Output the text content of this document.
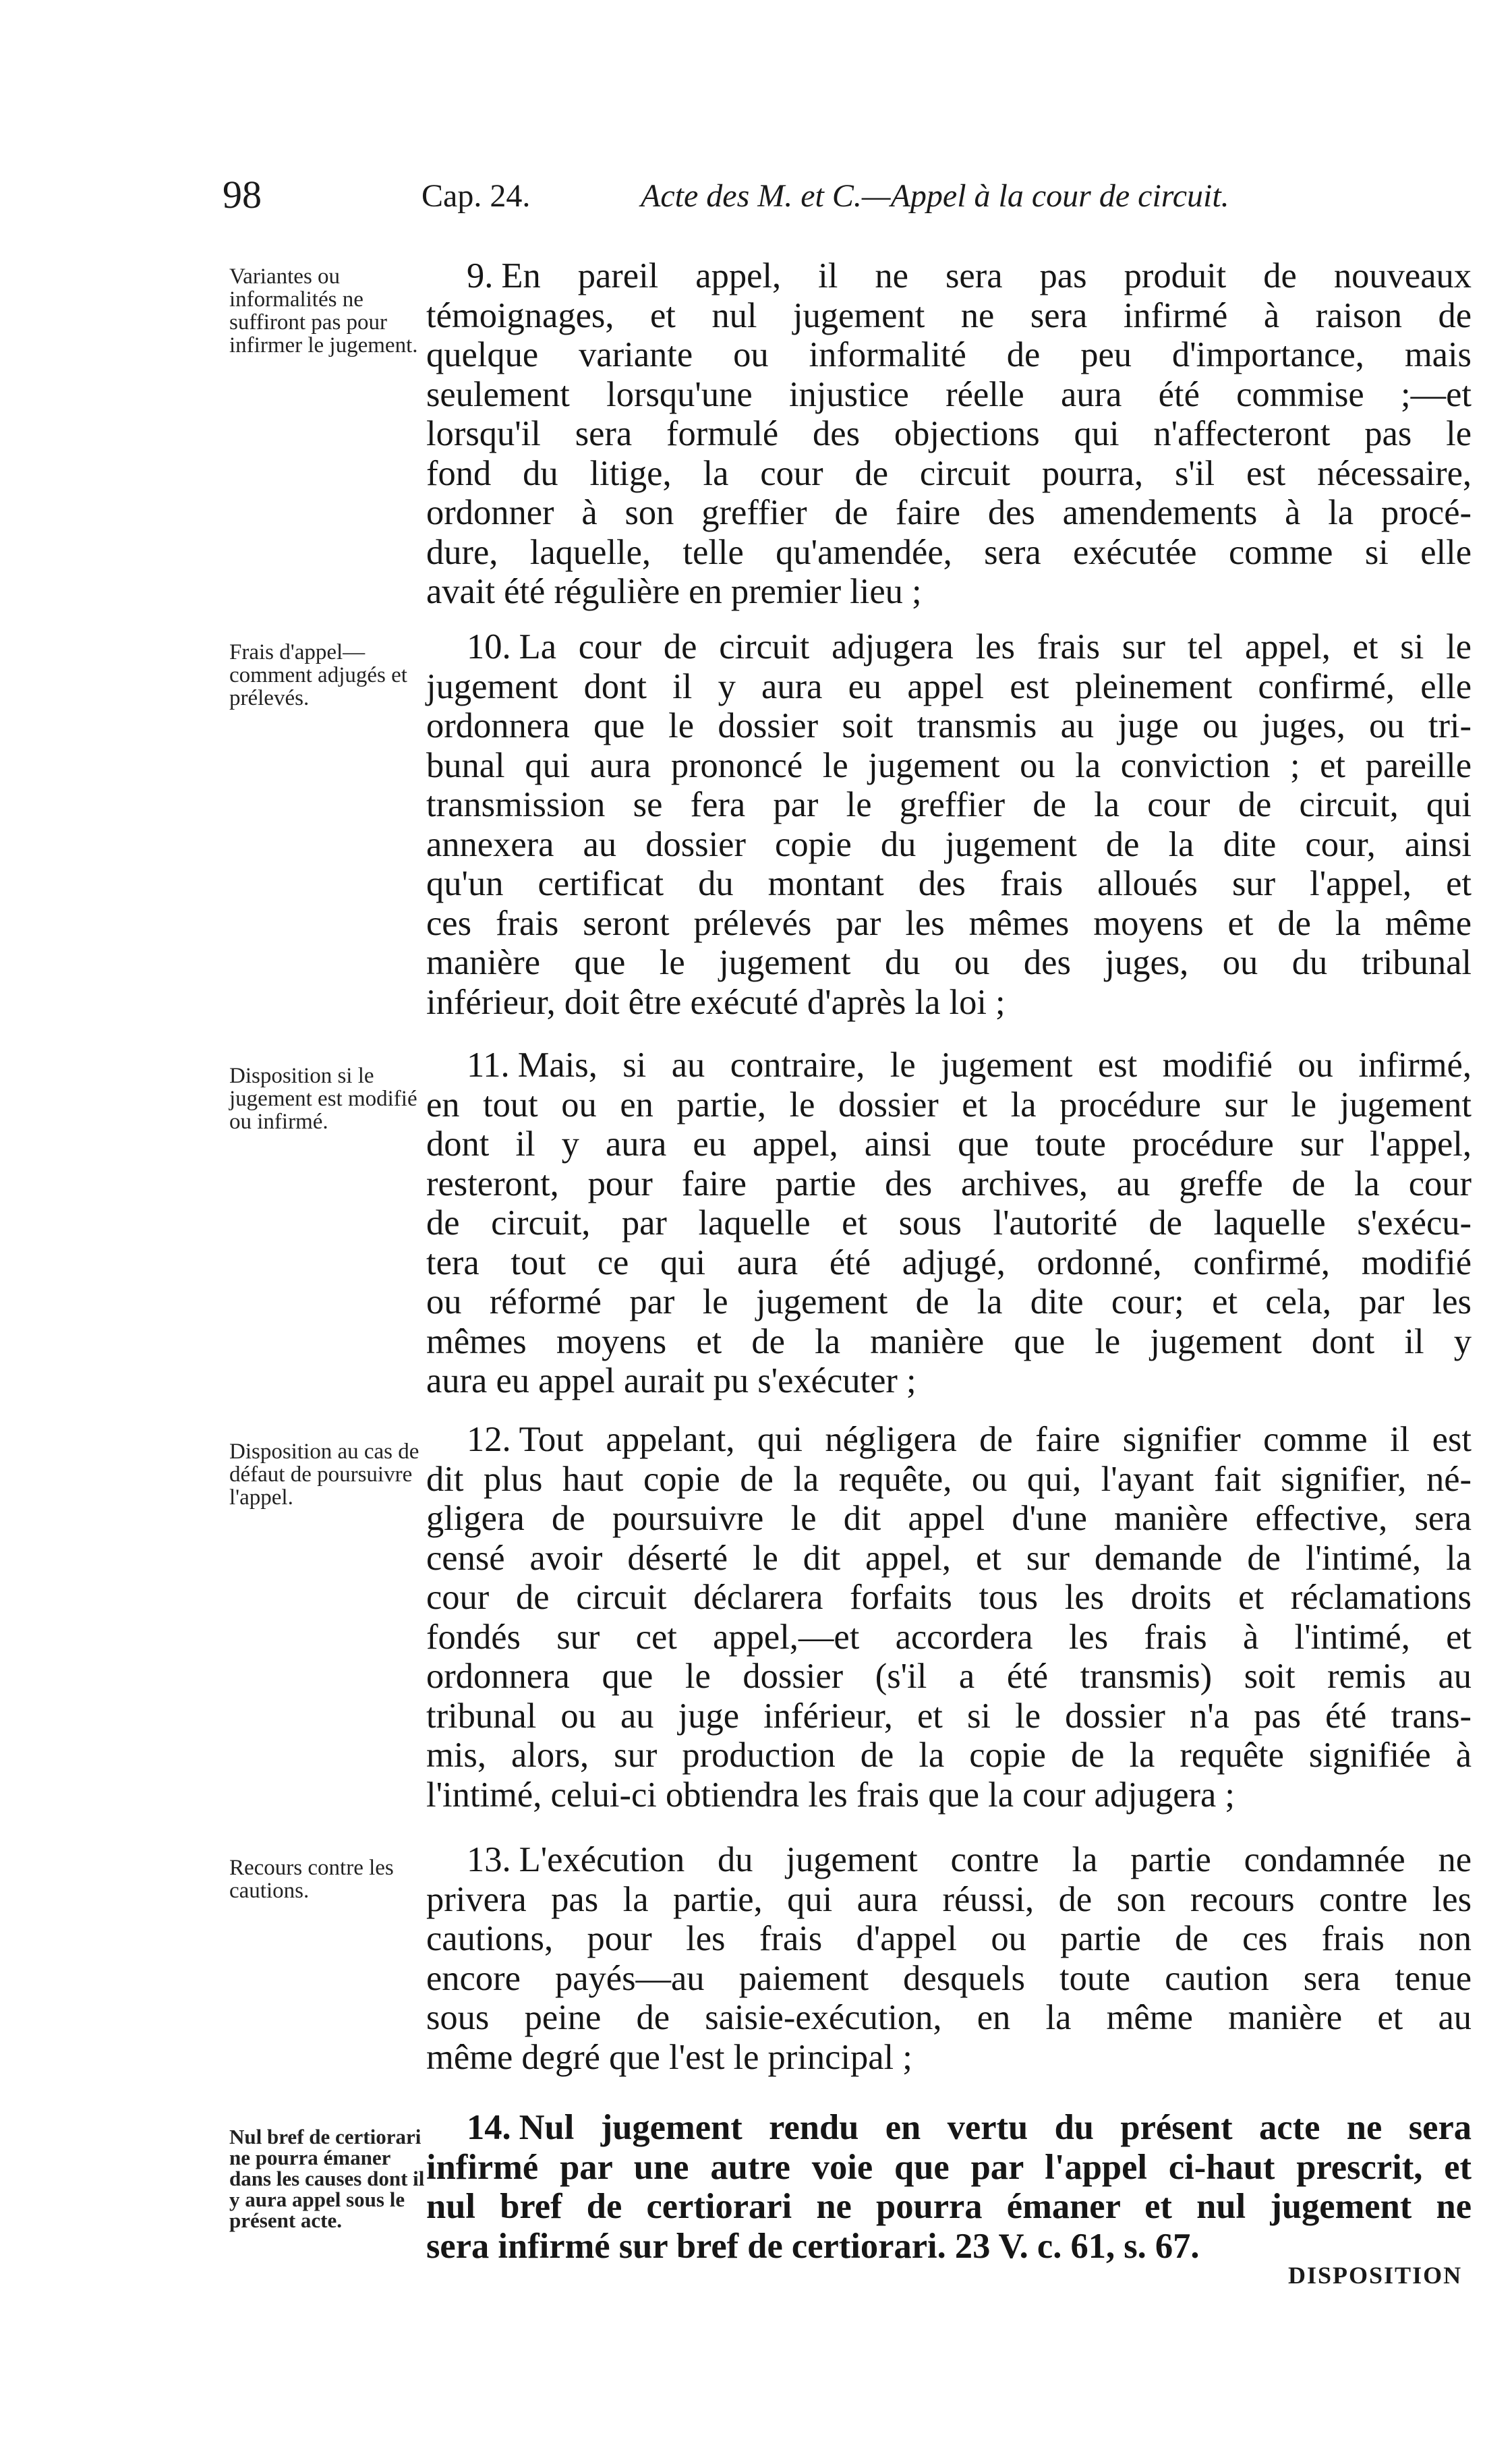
98	Cap. 24.	Acte des M. et C.—Appel à la cour de circuit.
Variantes ou informalités ne suffiront pas pour infirmer le jugement.
9. En pareil appel, il ne sera pas produit de nouveaux
témoignages, et nul jugement ne sera infirmé à raison de
quelque variante ou informalité de peu d'importance, mais
seulement lorsqu'une injustice réelle aura été commise ;—et
lorsqu'il sera formulé des objections qui n'affecteront pas le
fond du litige, la cour de circuit pourra, s'il est nécessaire,
ordonner à son greffier de faire des amendements à la procé-
dure, laquelle, telle qu'amendée, sera exécutée comme si elle
avait été régulière en premier lieu ;
Frais d'appel— comment adjugés et prélevés.
10. La cour de circuit adjugera les frais sur tel appel, et si le
jugement dont il y aura eu appel est pleinement confirmé, elle
ordonnera que le dossier soit transmis au juge ou juges, ou tri-
bunal qui aura prononcé le jugement ou la conviction ; et pareille
transmission se fera par le greffier de la cour de circuit, qui
annexera au dossier copie du jugement de la dite cour, ainsi
qu'un certificat du montant des frais alloués sur l'appel, et
ces frais seront prélevés par les mêmes moyens et de la même
manière que le jugement du ou des juges, ou du tribunal
inférieur, doit être exécuté d'après la loi ;
Disposition si le jugement est modifié ou infirmé.
11. Mais, si au contraire, le jugement est modifié ou infirmé,
en tout ou en partie, le dossier et la procédure sur le jugement
dont il y aura eu appel, ainsi que toute procédure sur l'appel,
resteront, pour faire partie des archives, au greffe de la cour
de circuit, par laquelle et sous l'autorité de laquelle s'exécu-
tera tout ce qui aura été adjugé, ordonné, confirmé, modifié
ou réformé par le jugement de la dite cour; et cela, par les
mêmes moyens et de la manière que le jugement dont il y
aura eu appel aurait pu s'exécuter ;
Disposition au cas de défaut de poursuivre l'appel.
12. Tout appelant, qui négligera de faire signifier comme il est
dit plus haut copie de la requête, ou qui, l'ayant fait signifier, né-
gligera de poursuivre le dit appel d'une manière effective, sera
censé avoir déserté le dit appel, et sur demande de l'intimé, la
cour de circuit déclarera forfaits tous les droits et réclamations
fondés sur cet appel,—et accordera les frais à l'intimé, et
ordonnera que le dossier (s'il a été transmis) soit remis au
tribunal ou au juge inférieur, et si le dossier n'a pas été trans-
mis, alors, sur production de la copie de la requête signifiée à
l'intimé, celui-ci obtiendra les frais que la cour adjugera ;
Recours contre les cautions.
13. L'exécution du jugement contre la partie condamnée ne
privera pas la partie, qui aura réussi, de son recours contre les
cautions, pour les frais d'appel ou partie de ces frais non
encore payés—au paiement desquels toute caution sera tenue
sous peine de saisie-exécution, en la même manière et au
même degré que l'est le principal ;
Nul bref de certiorari ne pourra émaner dans les causes dont il y aura appel sous le présent acte.
14. Nul jugement rendu en vertu du présent acte ne sera
infirmé par une autre voie que par l'appel ci-haut prescrit, et
nul bref de certiorari ne pourra émaner et nul jugement ne
sera infirmé sur bref de certiorari. 23 V. c. 61, s. 67.
DISPOSITION
